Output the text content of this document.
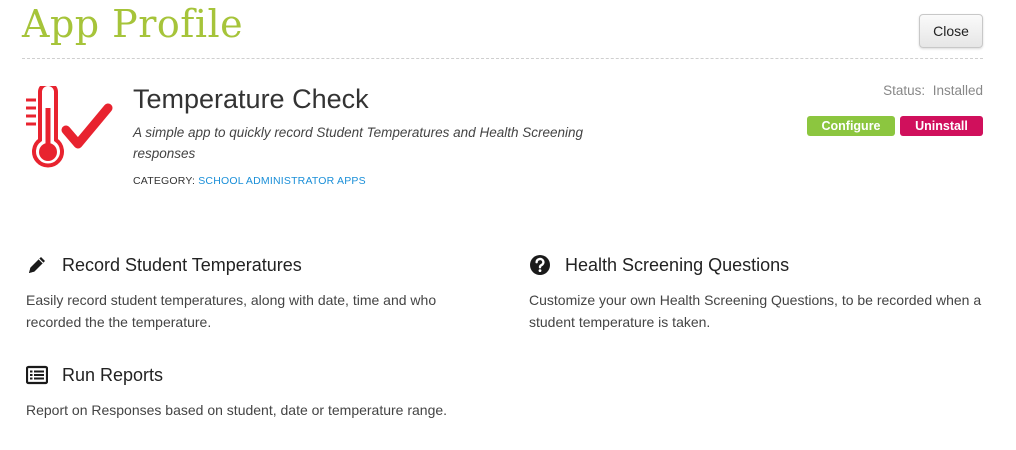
App Profile	Close
Temperature Check
A simple app to quickly record Student Temperatures and Health Screening responses
CATEGORY: SCHOOL ADMINISTRATOR APPS
Status: Installed
Configure	Uninstall
Record Student Temperatures
Easily record student temperatures, along with date, time and who recorded the the temperature.
Health Screening Questions
Customize your own Health Screening Questions, to be recorded when a student temperature is taken.
Run Reports
Report on Responses based on student, date or temperature range.
